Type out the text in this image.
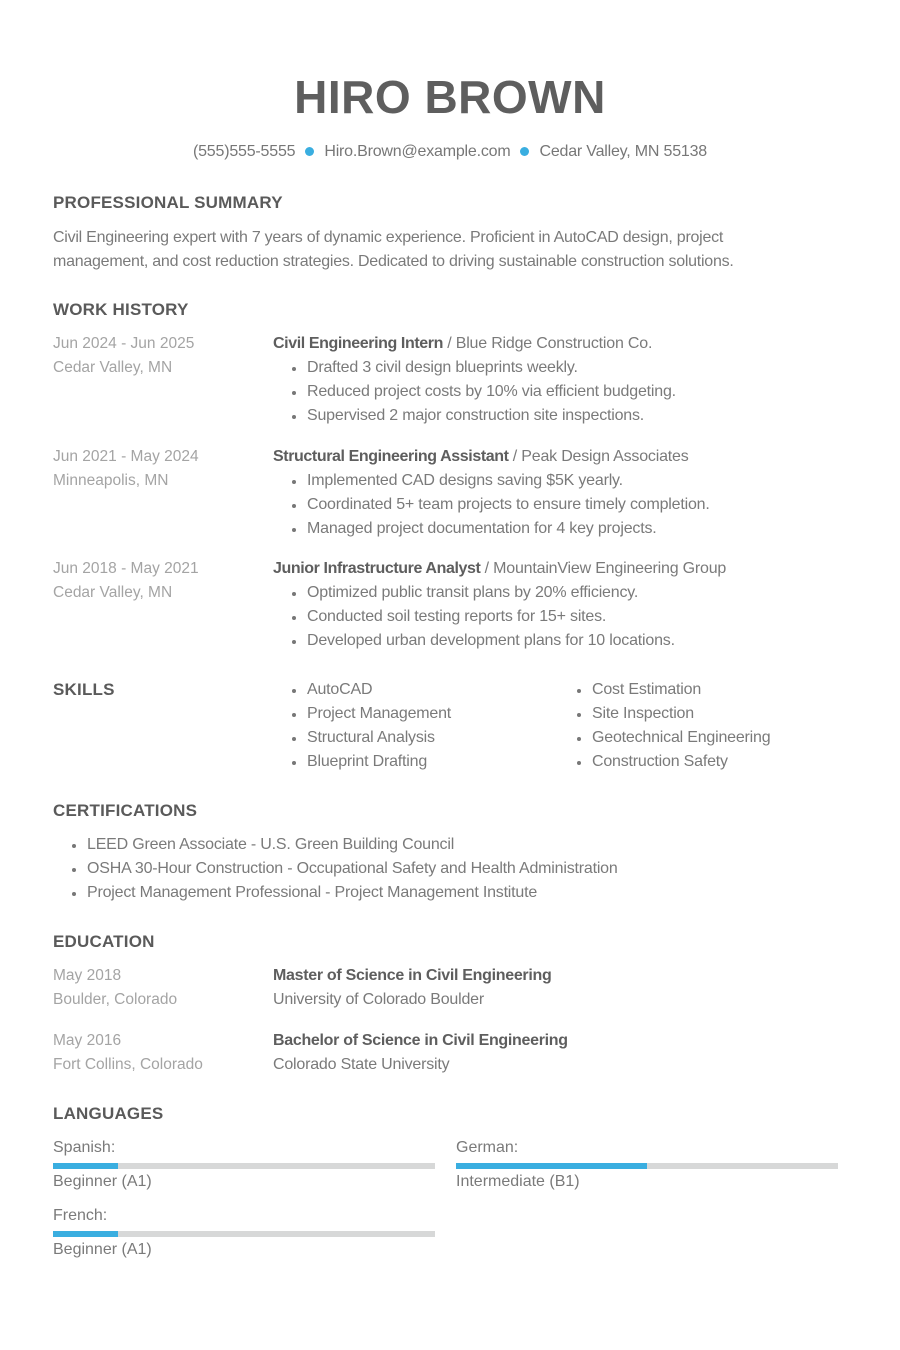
HIRO BROWN
(555)555-5555 Hiro.Brown@example.com Cedar Valley, MN 55138
PROFESSIONAL SUMMARY
Civil Engineering expert with 7 years of dynamic experience. Proficient in AutoCAD design, project
management, and cost reduction strategies. Dedicated to driving sustainable construction solutions.
WORK HISTORY
Jun 2024 - Jun 2025
Cedar Valley, MN
Civil Engineering Intern / Blue Ridge Construction Co.
Drafted 3 civil design blueprints weekly.
Reduced project costs by 10% via efficient budgeting.
Supervised 2 major construction site inspections.
Jun 2021 - May 2024
Minneapolis, MN
Structural Engineering Assistant / Peak Design Associates
Implemented CAD designs saving $5K yearly.
Coordinated 5+ team projects to ensure timely completion.
Managed project documentation for 4 key projects.
Jun 2018 - May 2021
Cedar Valley, MN
Junior Infrastructure Analyst / MountainView Engineering Group
Optimized public transit plans by 20% efficiency.
Conducted soil testing reports for 15+ sites.
Developed urban development plans for 10 locations.
SKILLS	AutoCAD
Project Management
Structural Analysis
Blueprint Drafting
Cost Estimation
Site Inspection
Geotechnical Engineering
Construction Safety
CERTIFICATIONS
LEED Green Associate - U.S. Green Building Council
OSHA 30-Hour Construction - Occupational Safety and Health Administration
Project Management Professional - Project Management Institute
EDUCATION
May 2018
Boulder, Colorado
Master of Science in Civil Engineering
University of Colorado Boulder
May 2016
Fort Collins, Colorado
Bachelor of Science in Civil Engineering
Colorado State University
LANGUAGES
Spanish:
Beginner (A1)
German:
Intermediate (B1)
French:
Beginner (A1)
